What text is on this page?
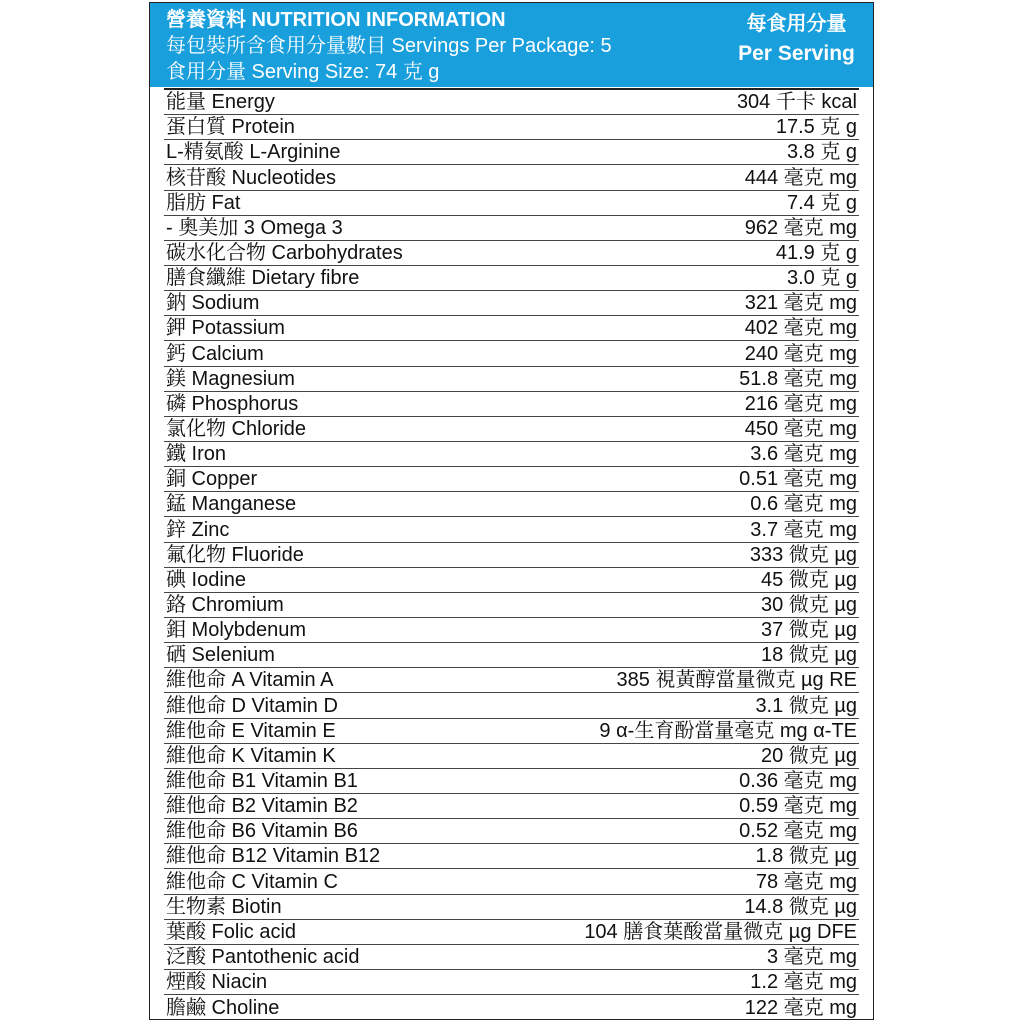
營養資料 NUTRITION INFORMATION
每包裝所含食用分量數目 Servings Per Package: 5
食用分量 Serving Size: 74 克 g
每食用分量
Per Serving
能量 Energy	304 千卡 kcal
蛋白質 Protein	17.5 克 g
L-精氨酸 L-Arginine	3.8 克 g
核苷酸 Nucleotides	444 毫克 mg
脂肪 Fat	7.4 克 g
- 奧美加 3 Omega 3	962 毫克 mg
碳水化合物 Carbohydrates	41.9 克 g
膳食纖維 Dietary fibre	3.0 克 g
鈉 Sodium	321 毫克 mg
鉀 Potassium	402 毫克 mg
鈣 Calcium	240 毫克 mg
鎂 Magnesium	51.8 毫克 mg
磷 Phosphorus	216 毫克 mg
氯化物 Chloride	450 毫克 mg
鐵 Iron	3.6 毫克 mg
銅 Copper	0.51 毫克 mg
錳 Manganese	0.6 毫克 mg
鋅 Zinc	3.7 毫克 mg
氟化物 Fluoride	333 微克 µg
碘 Iodine	45 微克 µg
鉻 Chromium	30 微克 µg
鉬 Molybdenum	37 微克 µg
硒 Selenium	18 微克 µg
維他命 A Vitamin A	385 視黃醇當量微克 µg RE
維他命 D Vitamin D	3.1 微克 µg
維他命 E Vitamin E	9 α-生育酚當量毫克 mg α-TE
維他命 K Vitamin K	20 微克 µg
維他命 B1 Vitamin B1	0.36 毫克 mg
維他命 B2 Vitamin B2	0.59 毫克 mg
維他命 B6 Vitamin B6	0.52 毫克 mg
維他命 B12 Vitamin B12	1.8 微克 µg
維他命 C Vitamin C	78 毫克 mg
生物素 Biotin	14.8 微克 µg
葉酸 Folic acid	104 膳食葉酸當量微克 µg DFE
泛酸 Pantothenic acid	3 毫克 mg
煙酸 Niacin	1.2 毫克 mg
膽鹼 Choline	122 毫克 mg
